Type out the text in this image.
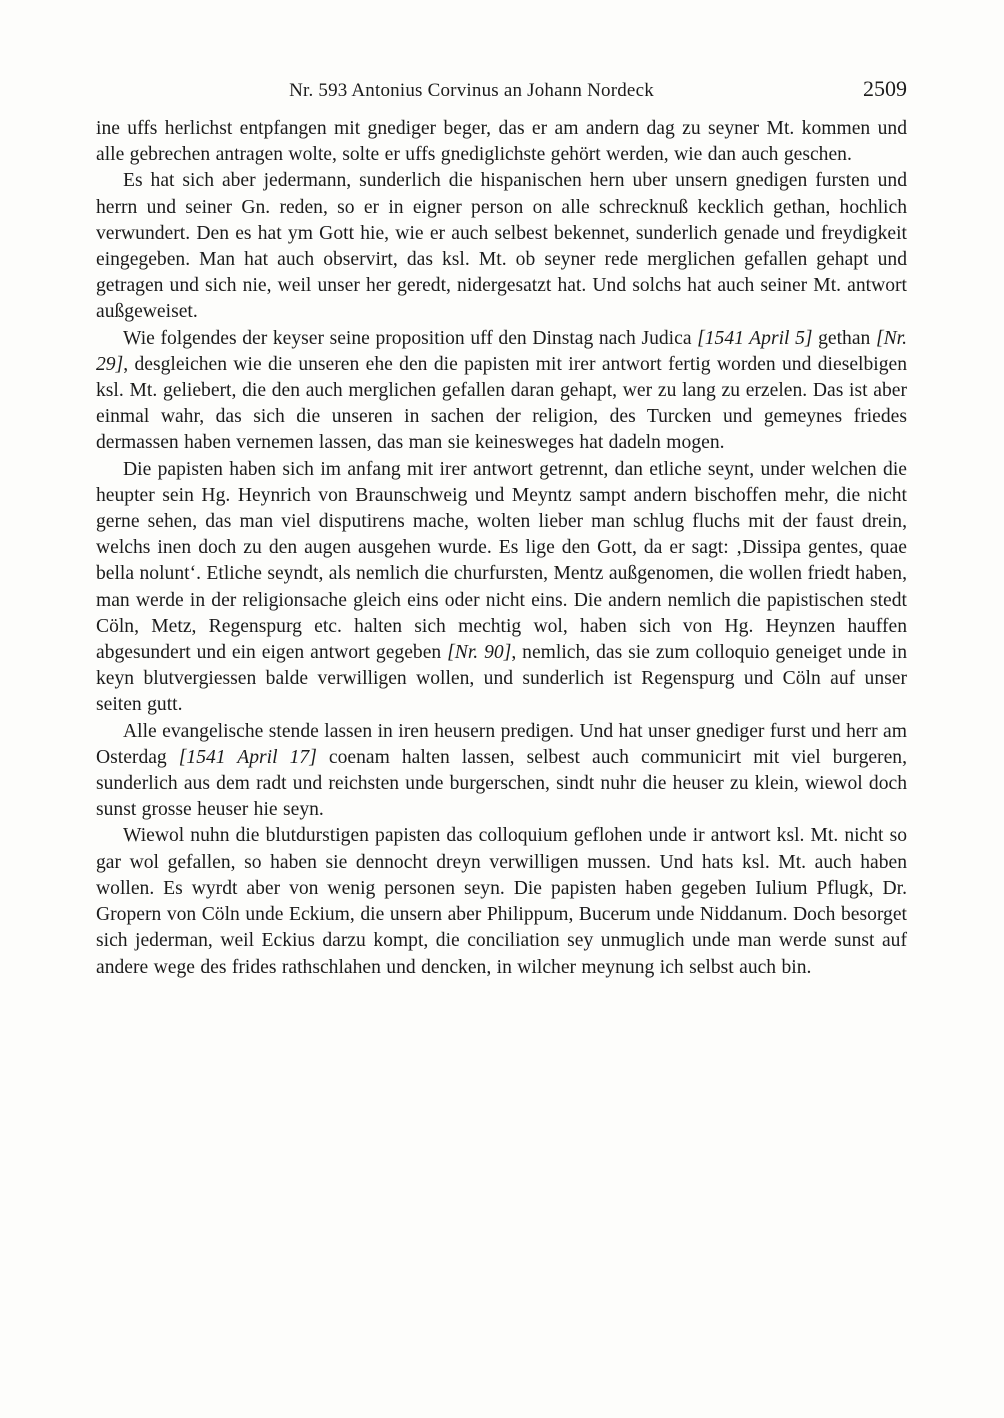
Nr. 593 Antonius Corvinus an Johann Nordeck	2509

ine uffs herlichst entpfangen mit gnediger beger, das er am andern dag zu seyner Mt. kommen und alle gebrechen antragen wolte, solte er uffs gnediglichste gehört werden, wie dan auch geschen.

Es hat sich aber jedermann, sunderlich die hispanischen hern uber unsern gnedigen fursten und herrn und seiner Gn. reden, so er in eigner person on alle schrecknuß kecklich gethan, hochlich verwundert. Den es hat ym Gott hie, wie er auch selbest bekennet, sunderlich genade und freydigkeit eingegeben. Man hat auch observirt, das ksl. Mt. ob seyner rede merglichen gefallen gehapt und getragen und sich nie, weil unser her geredt, nidergesatzt hat. Und solchs hat auch seiner Mt. antwort außgeweiset.

Wie folgendes der keyser seine proposition uff den Dinstag nach Judica [1541 April 5] gethan [Nr. 29], desgleichen wie die unseren ehe den die papisten mit irer antwort fertig worden und dieselbigen ksl. Mt. geliebert, die den auch merglichen gefallen daran gehapt, wer zu lang zu erzelen. Das ist aber einmal wahr, das sich die unseren in sachen der religion, des Turcken und gemeynes friedes dermassen haben vernemen lassen, das man sie keinesweges hat dadeln mogen.

Die papisten haben sich im anfang mit irer antwort getrennt, dan etliche seynt, under welchen die heupter sein Hg. Heynrich von Braunschweig und Meyntz sampt andern bischoffen mehr, die nicht gerne sehen, das man viel disputirens mache, wolten lieber man schlug fluchs mit der faust drein, welchs inen doch zu den augen ausgehen wurde. Es lige den Gott, da er sagt: ‚Dissipa gentes, quae bella nolunt‘. Etliche seyndt, als nemlich die churfursten, Mentz außgenomen, die wollen friedt haben, man werde in der religionsache gleich eins oder nicht eins. Die andern nemlich die papistischen stedt Cöln, Metz, Regenspurg etc. halten sich mechtig wol, haben sich von Hg. Heynzen hauffen abgesundert und ein eigen antwort gegeben [Nr. 90], nemlich, das sie zum colloquio geneiget unde in keyn blutvergiessen balde verwilligen wollen, und sunderlich ist Regenspurg und Cöln auf unser seiten gutt.

Alle evangelische stende lassen in iren heusern predigen. Und hat unser gnediger furst und herr am Osterdag [1541 April 17] coenam halten lassen, selbest auch communicirt mit viel burgeren, sunderlich aus dem radt und reichsten unde burgerschen, sindt nuhr die heuser zu klein, wiewol doch sunst grosse heuser hie seyn.

Wiewol nuhn die blutdurstigen papisten das colloquium geflohen unde ir antwort ksl. Mt. nicht so gar wol gefallen, so haben sie dennocht dreyn verwilligen mussen. Und hats ksl. Mt. auch haben wollen. Es wyrdt aber von wenig personen seyn. Die papisten haben gegeben Iulium Pflugk, Dr. Gropern von Cöln unde Eckium, die unsern aber Philippum, Bucerum unde Niddanum. Doch besorget sich jederman, weil Eckius darzu kompt, die conciliation sey unmuglich unde man werde sunst auf andere wege des frides rathschlahen und dencken, in wilcher meynung ich selbst auch bin.
